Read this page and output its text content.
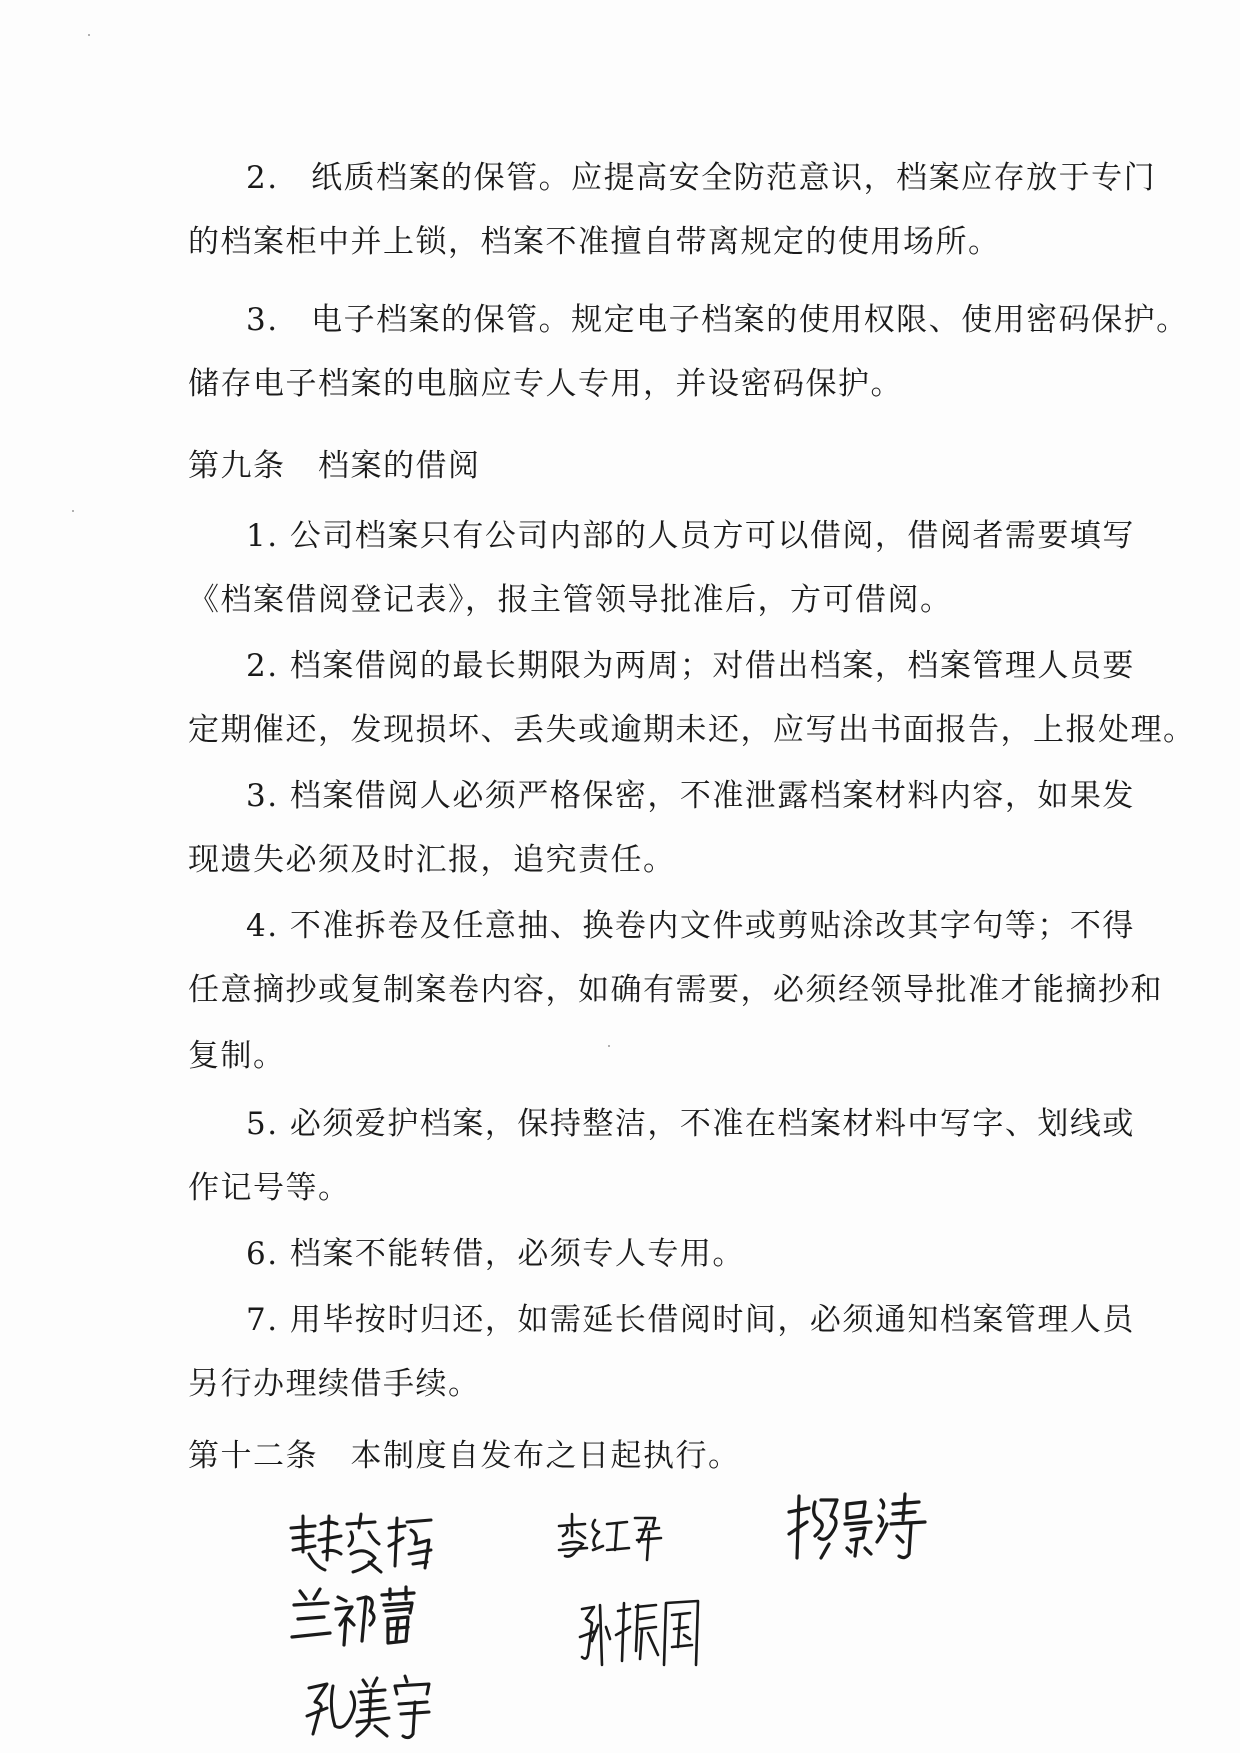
2.　纸质档案的保管。应提高安全防范意识，档案应存放于专门
的档案柜中并上锁，档案不准擅自带离规定的使用场所。
3.　电子档案的保管。规定电子档案的使用权限、使用密码保护。
储存电子档案的电脑应专人专用，并设密码保护。
第九条　档案的借阅
1. 公司档案只有公司内部的人员方可以借阅，借阅者需要填写
《档案借阅登记表》，报主管领导批准后，方可借阅。
2. 档案借阅的最长期限为两周；对借出档案，档案管理人员要
定期催还，发现损坏、丢失或逾期未还，应写出书面报告，上报处理。
3. 档案借阅人必须严格保密，不准泄露档案材料内容，如果发
现遗失必须及时汇报，追究责任。
4. 不准拆卷及任意抽、换卷内文件或剪贴涂改其字句等；不得
任意摘抄或复制案卷内容，如确有需要，必须经领导批准才能摘抄和
复制。
5. 必须爱护档案，保持整洁，不准在档案材料中写字、划线或
作记号等。
6. 档案不能转借，必须专人专用。
7. 用毕按时归还，如需延长借阅时间，必须通知档案管理人员
另行办理续借手续。
第十二条　本制度自发布之日起执行。
